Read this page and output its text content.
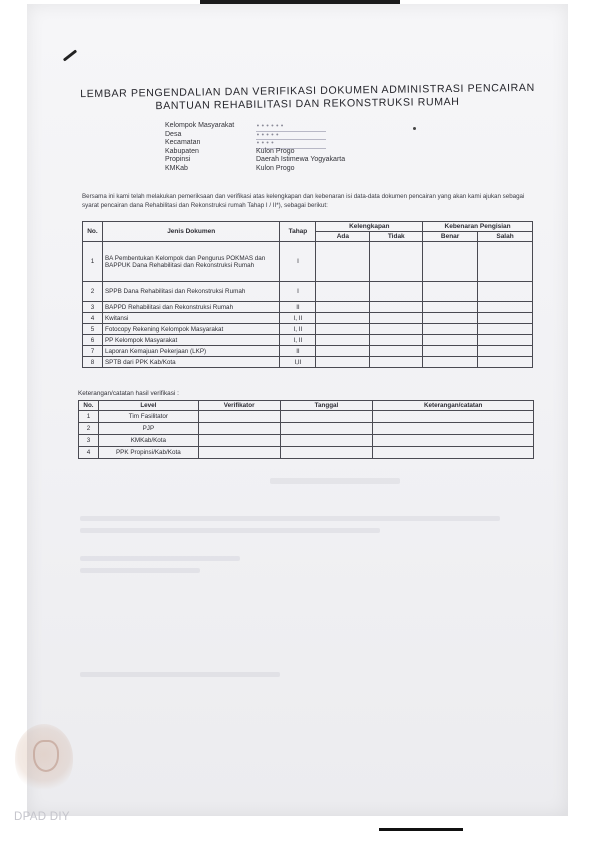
LEMBAR PENGENDALIAN DAN VERIFIKASI DOKUMEN ADMINISTRASI PENCAIRAN
BANTUAN REHABILITASI DAN REKONSTRUKSI RUMAH
Kelompok Masyarakat	••••••
Desa	•••••
Kecamatan	••••
Kabupaten	Kulon Progo
Propinsi	Daerah Istimewa Yogyakarta
KMKab	Kulon Progo
Bersama ini kami telah melakukan pemeriksaan dan verifikasi atas kelengkapan dan kebenaran isi data-data dokumen pencairan yang akan kami ajukan sebagai syarat pencairan dana Rehabilitasi dan Rekonstruksi rumah Tahap I / II*), sebagai berikut:
No.	Jenis Dokumen	Tahap	Kelengkapan		Kebenaran Pengisian	
			Ada	Tidak	Benar	Salah
1	BA Pembentukan Kelompok dan Pengurus POKMAS dan BAPPUK Dana Rehabilitasi dan Rekonstruksi Rumah	I				
2	SPPB Dana Rehabilitasi dan Rekonstruksi Rumah	I				
3	BAPPD Rehabilitasi dan Rekonstruksi Rumah	II				
4	Kwitansi	I, II				
5	Fotocopy Rekening Kelompok Masyarakat	I, II				
6	PP Kelompok Masyarakat	I, II				
7	Laporan Kemajuan Pekerjaan (LKP)	II				
8	SPTB dari PPK Kab/Kota	I,II				
Keterangan/catatan hasil verifikasi :
No.	Level	Verifikator	Tanggal	Keterangan/catatan
1	Tim Fasilitator			
2	PJP			
3	KMKab/Kota			
4	PPK Propinsi/Kab/Kota			
DPAD DIY
